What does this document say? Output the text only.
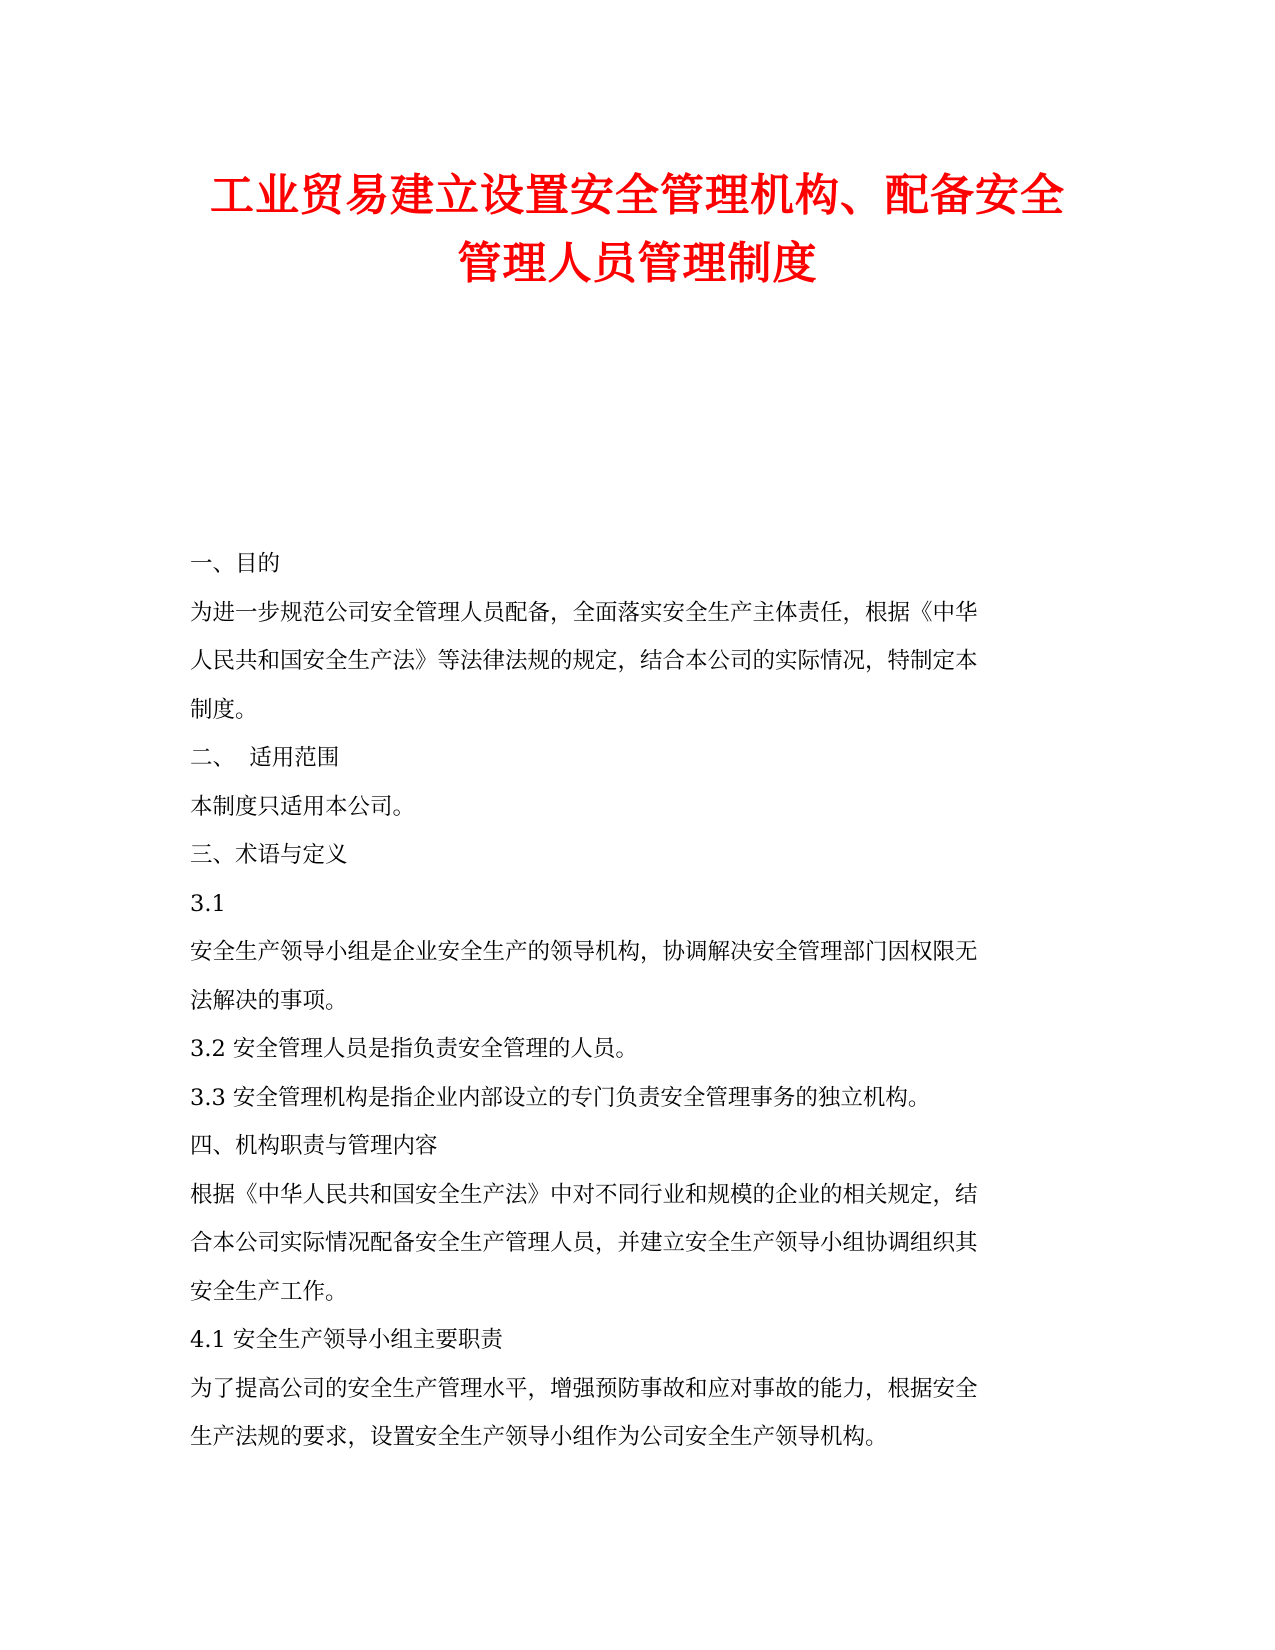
工业贸易建立设置安全管理机构、配备安全
管理人员管理制度

一、目的

为进一步规范公司安全管理人员配备，全面落实安全生产主体责任，根据《中华
人民共和国安全生产法》等法律法规的规定，结合本公司的实际情况，特制定本
制度。

二、  适用范围

本制度只适用本公司。

三、术语与定义

3.1

安全生产领导小组是企业安全生产的领导机构，协调解决安全管理部门因权限无
法解决的事项。

3.2 安全管理人员是指负责安全管理的人员。

3.3 安全管理机构是指企业内部设立的专门负责安全管理事务的独立机构。

四、机构职责与管理内容

根据《中华人民共和国安全生产法》中对不同行业和规模的企业的相关规定，结
合本公司实际情况配备安全生产管理人员，并建立安全生产领导小组协调组织其
安全生产工作。

4.1 安全生产领导小组主要职责

为了提高公司的安全生产管理水平，增强预防事故和应对事故的能力，根据安全
生产法规的要求，设置安全生产领导小组作为公司安全生产领导机构。
